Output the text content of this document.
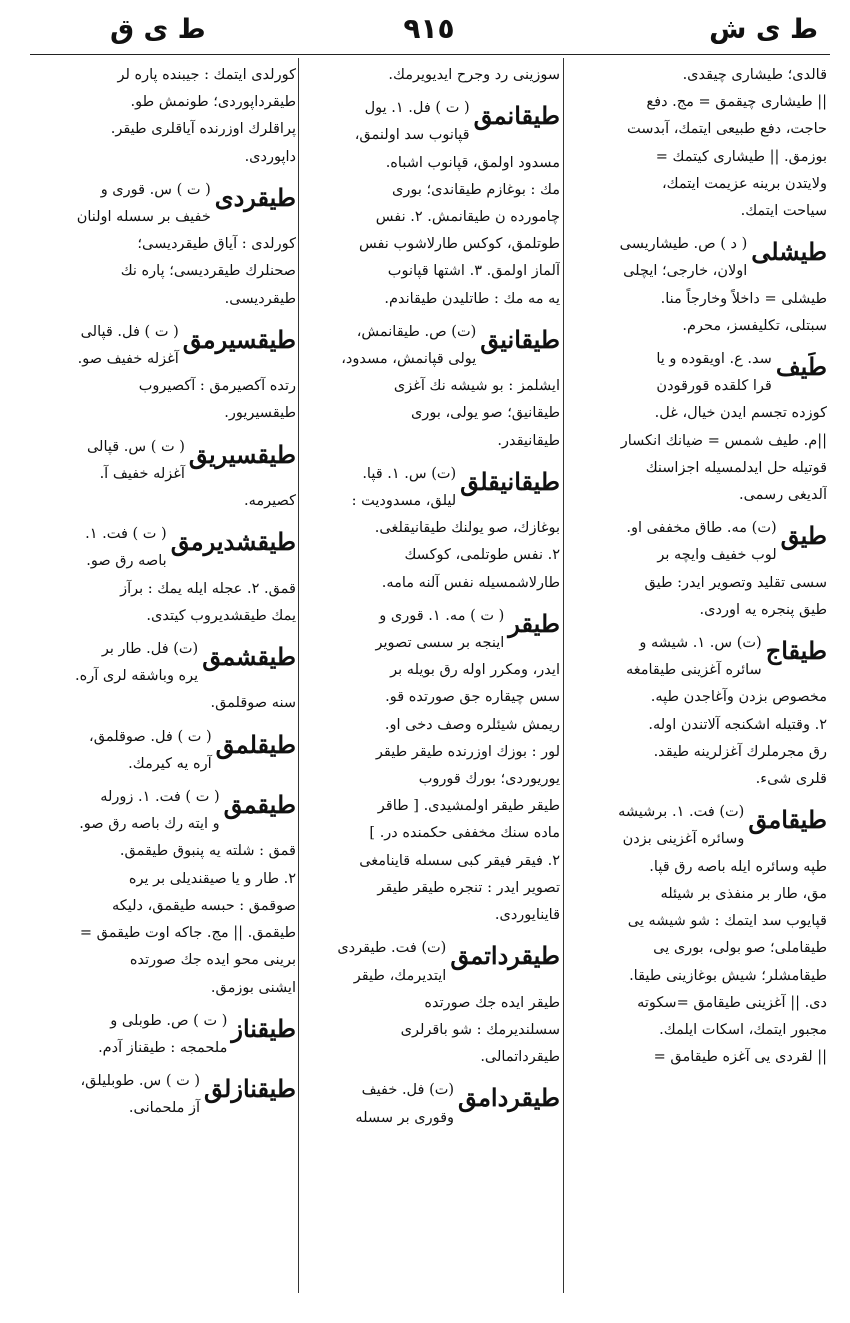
ط ی ش
٩١٥
ط ی ق

قالدی؛ طیشاری چیقدی.

|| طیشاری چیقمق = مج. دفع

حاجت، دفع طبیعی ایتمك، آبدست

بوزمق. || طیشاری کیتمك =

ولایتدن برینه عزیمت ایتمك،

سیاحت ایتمك.

طیشلی

( د ) ص. طیشاریسی

اولان، خارجی؛ ایچلی

طیشلی = داخلاً وخارجاً منا.

سبتلی، تکلیفسز، محرم.

طَیف

سد. ع. اویقوده و یا

قرا کلقده قورقودن

کوزده تجسم ایدن خیال، غل.

||م. طیف شمس = ضیانك انکسار

قوتیله حل ایدلمسیله اجزاسنك

آلدیغی رسمی.

طیق

(ت) مه. طاق مخففی او.

لوب خفیف وایچه بر

سسی تقلید وتصویر ایدر: طیق

طیق پنجره یه اوردی.

طیقاج

(ت) س. ١. شیشه و

سائره آغزینی طیقامغه

مخصوص بزدن وآغاجدن طپه.

٢. وقتیله اشکنجه آلاتندن اوله.

رق مجرملرك آغزلرینه طیقد.

قلری شیء.

طیقامق

(ت) فت. ١. برشیشه

وسائره آغزینی بزدن

طپه وسائره ایله باصه رق قپا.

مق، طار بر منفذی بر شیئله

قپایوب سد ایتمك : شو شیشه یی

طیقاملی؛ صو بولی، بوری یی

طیقامشلر؛ شیش بوغازینی طیقا.

دی. || آغزینی طیقامق =سکوته

مجبور ایتمك، اسکات ایلمك.

|| لقردی یی آغزه طیقامق =

سوزینی رد وجرح ایدیویرمك.

طیقانمق

( ت ) فل. ١. یول

قپانوب سد اولنمق،

مسدود اولمق، قپانوب اشباه.

مك : بوغازم طیقاندی؛ بوری

چامورده ن طیقانمش. ٢. نفس

طوتلمق، کوکس طارلاشوب نفس

آلماز اولمق. ٣. اشتها قپانوب

یه مه مك : طاتلیدن طیقاندم.

طیقانیق

(ت) ص. طیقانمش،

یولی قپانمش، مسدود،

ایشلمز : بو شیشه نك آغزی

طیقانیق؛ صو یولی، بوری

طیقانیقدر.

طیقانیقلق

(ت) س. ١. قپا.

لیلق، مسدودیت :

بوغازك، صو یولنك طیقانیقلغی.

٢. نفس طوتلمی، کوکسك

طارلاشمسیله نفس آلنه مامه.

طیقر

( ت ) مه. ١. قوری و

اینجه بر سسی تصویر

ایدر، ومکرر اوله رق بویله بر

سس چیقاره جق صورتده قو.

ریمش شیئلره وصف دخی او.

لور : بوزك اوزرنده طیقر طیقر

یوریوردی؛ بورك قوروب

طیقر طیقر اولمشیدی. [ طاقر

ماده سنك مخففی حکمنده در. ]

٢. فیقر فیقر کبی سسله قاینامغی

تصویر ایدر : تنجره طیقر طیقر

قاینایوردی.

طیقرداتمق

(ت) فت. طیقردی

ایتدیرمك، طیقر

طیقر ایده جك صورتده

سسلندیرمك : شو باقرلری

طیقرداتمالی.

طیقردامق

(ت) فل. خفیف

وقوری بر سسله

کورلدی ایتمك : جیبنده پاره لر

طیقرداپوردی؛ طونمش طو.

پراقلرك اوزرنده آیاقلری طیقر.

داپوردی.

طیقردی

( ت ) س. قوری و

خفیف بر سسله اولنان

کورلدی : آیاق طیقردیسی؛

صحنلرك طیقردیسی؛ پاره نك

طیقردیسی.

طیقسیرمق

( ت ) فل. قپالی

آغزله خفیف صو.

رتده آکصیرمق : آکصیروب

طیقسیریور.

طیقسیریق

( ت ) س. قپالی

آغزله خفیف آ.

کصیرمه.

طیقشدیرمق

( ت ) فت. ١.

باصه رق صو.

قمق. ٢. عجله ایله یمك : برآز

یمك طیقشدیروب کیتدی.

طیقشمق

(ت) فل. طار بر

یره وباشقه لری آره.

سنه صوقلمق.

طیقلمق

( ت ) فل. صوقلمق،

آره یه کیرمك.

طیقمق

( ت ) فت. ١. زورله

و ایته رك باصه رق صو.

قمق : شلته یه پنبوق طیقمق.

٢. طار و یا صیقندیلی بر یره

صوقمق : حبسه طیقمق، دلیکه

طیقمق. || مج. جاکه اوت طیقمق =

برینی محو ایده جك صورتده

ایشنی بوزمق.

طیقناز

( ت ) ص. طوبلی و

ملحمجه : طیقناز آدم.

طیقنازلق

( ت ) س. طوبلیلق،

آز ملحمانی.
